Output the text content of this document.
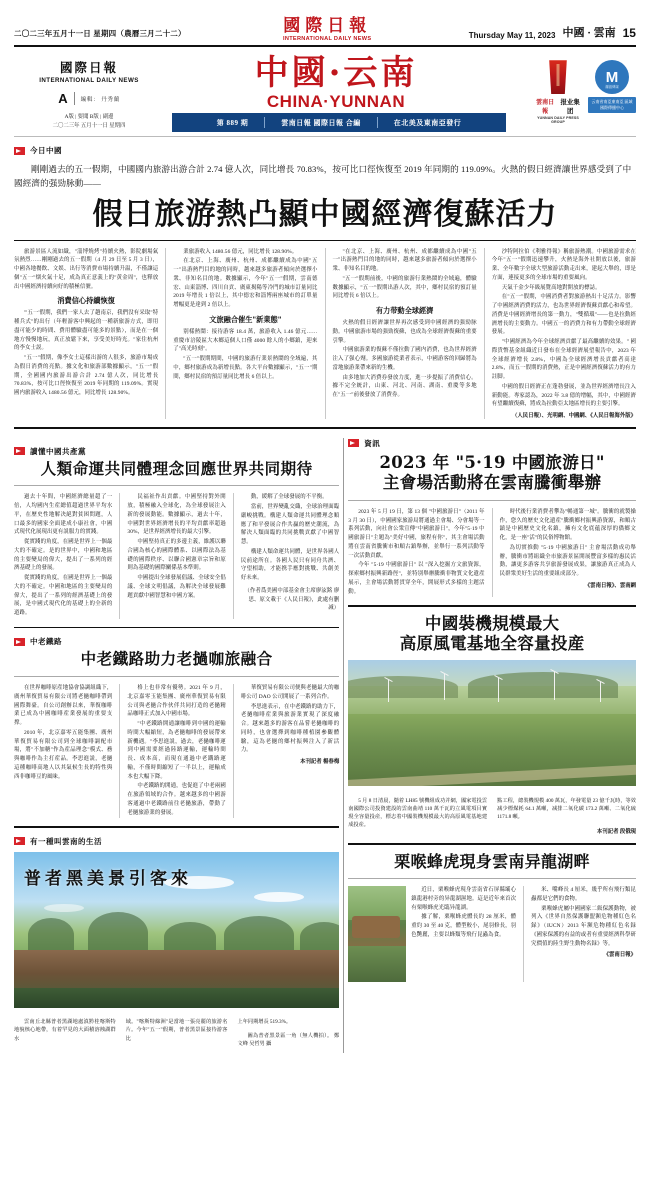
二〇二三年五月十一日 星期四（農曆三月二十二）	國際日報
INTERNATIONAL DAILY NEWS	Thursday May 11, 2023 中國 · 雲南 15
國際日報
INTERNATIONAL DAILY NEWS
A 編輯： 丹秀蘭
A版 | 要聞 B版 | 副邊
二〇二三年 五月十一日 星期四
中國·云南
CHINA·YUNNAN	雲南日報
报业集团
YUNNAN DAILY PRESS GROUP
M
瀾湄傳媒
云南省南亞東南亞 區域國際傳播中心
第 889 期	雲南日報 國際日報 合編	在北美及東南亞發行
今日中國
剛剛過去的五一假期，中國國内旅游出游合計 2.74 億人次，同比增長 70.83%，按可比口徑恢復至 2019 年同期的 119.09%。火熱的假日經濟讓世界感受到了中國經濟的强勁脉動——
假日旅游熱凸顯中國經濟復蘇活力

旅游景區人流如織，"淄博燒烤"持續火熱，影院劇場氣氛熱烈……剛剛過去的五一假期（4 月 29 日至 5 月 3 日），中國各地餐飲、文娱、出行等消費市場持續升温，不僅讓這個"五一"烟火氣十足，成為真正意義上的"黄金周"，也釋放出中國經濟持續向好的積極信號。

消費信心持續恢復

"'五一'假期，我們一家人去了趟南京，我們没有采取"特種兵式"的出行（年輕游客中興起的一種新旅游方式，即用盡可能少的時間、費用體驗盡可能多的景點），而是在一個地方慢慢地玩，真正放鬆下來，享受美好時光。"家住杭州的李女士説。

"五一"假期，像李女士這樣出游的人很多，旅游市場成為假日消費的亮點。據文化和旅游部數據顯示，"五一"假期，全國國内旅游出游合計 2.74 億人次，同比增長 70.83%，按可比口徑恢復至 2019 年同期的 119.09%。實現國内旅游收入 1480.56 億元，同比增長 128.90%。

業旅游收入 1480.56 億元，同比增長 128.90%。

在北京、上海、廣州、杭州、成都繼續成為中國"五一"出游熱門目的地的同時，越來越多旅游者傾向於選擇小衆、非知名目的地。數據顯示，今年"五一"假期，雲南德宏、山東淄博、四川自貢、廣東揭陽等冷門的城市訂量同比 2019 年增長 1 倍以上，其中德宏和淄博兩座城市的訂單量增幅更是達到 2 倍以上。

文旅融合催生"新業態"

别樣熱鬧：接待游客 18.4 萬，旅游收入 1.46 億元……重慶市涪陵區大木鄉這個人口僅 4000 餘人的小鄉鎮，迎來了"高光時刻"。

"五一"假期期間，中國的旅游行業景熱鬧的全域遍，其中，鄉村旅游成為新增長點。各大平台數據顯示，"五一"期間，鄉村民宿的預訂量同比增長 6 倍以上。

"在北京、上海、廣州、杭州、成都繼續成為中國"五一"出游熱門目的地的同時，越來越多旅游者傾向於選擇小衆、非知名目的地。

"五一"假期前後，中國的旅游行業熱鬧的全域遍，體驗數據顯示，"五一"假期出游人次，其中，鄉村民宿的預訂量同比增長 6 倍以上。

有力带動全球經濟

火熱的假日經濟讓世界再次感受到中國經濟的强勁脉動。中國旅游市場的强勁復蘇，也成為全球經濟復蘇的重要引擎。

中國旅游業的復蘇不僅拉動了國内消費，也為世界經濟注入了强心劑。多國旅游從業者表示，中國游客的回歸將為當地旅游業帶來新的生機。

由多地加大消費券發放力度，進一步提振了消費信心。據不完全統計，山東、河北、河南、湖南、重慶等多地在"五一"前後發放了消費券。

沙特阿拉伯《利雅得報》稱旅游熱潮。中國旅游需求在今年"五一"假期迅速攀升，火熱是海外社開放以後，旅游業、全年數字全球大型旅游活動走出來，建起大舉的，即是方面，連接更多的全球市場的重要風向。

天氣千金少年級展覽高地對開放的標誌。

在"五一"假期，中國消費者對旅游熱出十足活力。影響了中國經濟消費的活力，也為世界經濟復蘇貢獻心和希望。消費是中國經濟增長的第一動力，"雙循環"——也是拉動經濟增長的主要動力。中國五一的消費力和有力帶動全球經濟發展。

"中國經濟為今年全球經濟貢獻了最高繼續的效果。" 國際貨幣基金組織近日發布在全球經濟展望報告中，2023 年全球經濟增長 2.8%，中國為全球經濟增長貢獻者高達 2.8%，而五一假期的消費熱，正是中國經濟復蘇活力的有力註脚。

中國的假日經濟正在蓬勃發展，並為世界經濟增長注入新動能。專家認為，2022 年 3.8 億的增幅，其中，中國經濟有望繼續復蘇，將成為拉動亞太地區增長的主要引擎。

（人民日報）、光明網、中國網、《人民日報海外版》
讀懂中國共產黨
人類命運共同體理念回應世界共同期待

過去十年間，中國經濟總量超了一倍，人均國内生産總值超過世界平均水平，在歷史性地解决絕對貧困問題，人口最多的國家全面建成小康社會，中國式現代化展現出更有説服力的實踐。

從實踐的角度，在國是世界上一個最大的不確定。是的世界中，中國和地區的主要變局的偉大，提出了一系列的經濟基礎上的發展。

從實踐的角度，在國是世界上一個最大的不確定。中國和地區的主要變局的偉大，提出了一系列的經濟基礎上的發展，是中國式現代化的基礎上的全新的道路。

民福祉作出貢獻。中國堅持對外開放，積極融入全球化，為全球發展注入新的發展動能。數據顯示，過去十年，中國對世界經濟增長的平均貢獻率超過 30%，是世界經濟增長的最大引擎。

中國堅持真正的多邊主義，維護以聯合國為核心的國際體系、以國際法為基礎的國際秩序、以聯合國憲章宗旨和原則為基礎的國際關係基本準則。

中國提出全球發展倡議、全球安全倡議、全球文明倡議，為解决全球發展難題貢獻中國智慧和中國方案。

動，緩解了全球發展的不平衡。

當前，世界變亂交織，全球治理面臨嚴峻挑戰。構建人類命運共同體理念順應了和平發展合作共贏的歷史潮流，為解决人類面臨的共同挑戰貢獻了中國智慧。

構建人類命運共同體，是世界各國人民前途所在。各國人民只有同舟共濟、守望相助，才能携手應對挑戰、共創美好未來。

（作者爲美國中部基金會主席廖泫銘 廖思、原文載于《人民日報》，此處有删减）

中老鐵路
中老鐵路助力老撾咖旅融合

在世界咖啡原産地協會協調組織下，廣州華復貿易有限公司將老撾咖啡帶到國際舞臺。自公司創辦以來，華復咖啡業已成為中國咖啡産業發展的重要支撑。

2010 年，北京嘉零五能集團、廣州華復貿易有限公司到全球咖啡調配市場，將"不加糖"作為産品理念"模式、務與咖啡作為主打産品。李思進説，老撾這種咖啡高地人以其氣候生長的特性與西非咖啡豆的風味。

格上也非常有優勢。2021 年 9 月，北京嘉零玉能集團、廣州華復貿易有限公司與老撾合作伙伴共同打造的老撾精品咖啡正式加入中國市場。

"中老鐵路開通讓咖啡到中國的運輸時間大幅縮短，為老撾咖啡的發展帶來新機遇。"李思進説，過去，老撾咖啡運到中國需要經過陸路運輸，運輸時間長、成本高，而現在通過中老鐵路運輸，不僅時間縮短了一半以上，運輸成本也大幅下降。

中老鐵路的開通，也促進了中老兩國在旅游領域的合作。越來越多的中國游客通過中老鐵路前往老撾旅游，帶動了老撾旅游業的發展。

華復貿易有限公司便與老撾最大的咖啡公司 DAO 公司開展了一系列合作。

李思進表示，在中老鐵路的助力下，老撾咖啡産業與旅游業實現了深度融合。越來越多的游客在品嘗老撾咖啡的同時，也會選擇到咖啡種植園參觀體驗，這為老撾的鄉村振興注入了新活力。

本刊記者 楊春梅
有一種叫雲南的生活
普者黑美景引客來

雲南丘北縣普者黑湖地處滇黔桂喀斯特地貌核心地帶，有着罕見的大面積溶蝕湖群水

域。"喀斯特綠洲"是當地一張亮麗的旅游名片。今年"五一"假期，普者黑景區接待游客比

上年同期增長 519.3%。

圖為普者黑景區一角（無人機拍）。 鄭文峰 吴哲男 攝

資訊
2023 年 "5·19 中國旅游日"
主會場活動將在雲南騰衝舉辦

2023 年 5 月 19 日，第 13 個 "中國旅游日"（2011 年 3 月 30 日），中國國家旅游局將通過主會場、分會場等一系列活動，向社會公衆宣傳"中國旅游日"，今年"5·19 中國旅游日"主題為"美好中國，旅程有你"，其主會場活動將在雲南省騰衝市和順古鎮舉辦，並舉行一系列活動等一次活動貢獻。

今年 "5·19 中國旅游日" 以 "深入挖掘方文旅資源，探索鄉村振興新路徑"，並特别舉辦騰衝非物質文化遺産展示，主會場活動將貫穿全年，開展形式多樣的主題活動。

時代後行業消費者攀為"暢通第一城"。騰衝的就製操作，您久的歷史文化遺産"騰衝鄉村振興游資源，和順古鎮是中國歷史文化名鎮，擁有文化底蕴深厚的僑鄉文化，是一座"活"的民俗博物館。

為切實推動 "5·19 中國旅游日" 主會場活動成功舉辦，騰衝市將組織全市旅游景區開展豐富多樣的惠民活動，讓更多游客共享旅游發展成果，讓旅游真正成為人民群衆美好生活的重要組成部分。

《雲南日報》、雲南網
中國裝機規模最大
高原風電基地全容量投産

5 月 8 日清晨，隨着 LH85 號機組成功并網，國家電投雲南國際公司投資建設的雲南曲靖 110 萬千瓦的立風電項目實現全容量投産，標志着中國裝機規模最大的高原風電基地建成投産。

點工程，總裝機規模 400 萬瓦，年發電量 23 億千瓦時，等效减少標煤耗 64.1 萬噸，减排二氧化碳 173.2 萬噸、二氧化硫 1171.8 噸。

本刊記者 段俄現
栗喉蜂虎現身雲南异龍湖畔

近日，栗喉蜂虎現身雲南省石屏縣壩心鎮龍港村旁的异龍湖濕地。這是近年來首次有栗喉蜂虎光臨异龍湖。

據了解，栗喉蜂虎體長約 28 厘米，體重約 30 至 40 克，體型較小，尾羽修長，羽色艷麗，主要以蜂類等飛行昆蟲為食。

米、嘴峰長 4 厘米，幾乎所有飛行類昆蟲都是它們的食物。

栗喉蜂虎屬中國國家二級保護動物，被列入《世界自然保護聯盟瀕危物種紅色名録》（IUCN）2013 年瀕危物種紅色名録《國家保護的有益的或者有重要經濟科學研究價值的陸生野生動物名録》等。

《雲南日報》
